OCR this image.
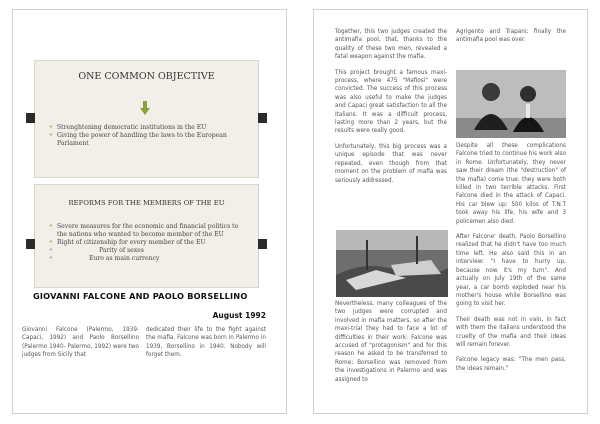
ONE COMMON OBJECTIVE
• Strenghtening democratic institutions in the EU
• Giving the power of handling the laws to the European Parlament
REFORMS FOR THE MEMBERS OF THE EU
• Severe measures for the economic and financial politics to the nations who wanted to become member of the EU
• Right of citizenship for every member of the EU
• Parity of sexes
• Euro as main currency
GIOVANNI FALCONE AND PAOLO BORSELLINO
August 1992

Giovanni Falcone (Palermo, 1939- Capaci, 1992) and Paolo Borsellino (Palermo 1940- Palermo, 1992) were two judges from Sicily that

dedicated their life to the fight against the mafia. Falcone was born in Palermo in 1939, Borsellino in 1940. Nobody will forget them.

Together, this two judges created the antimafia pool, that, thanks to the quality of these two men, revealed a fatal weapon against the mafia.

This project brought a famous maxi-process, where 475 "Mafiosi" were convicted. The success of this process was also useful to make the judges and Capaci great satisfaction to all the Italians. It was a difficult process, lasting more than 2 years, but the results were really good.

Unfortunately, this big process was a unique episode that was never repeated, even though from that moment on the problem of mafia was seriously addressed.

Nevertheless, many colleagues of the two judges were corrupted and involved in mafia matters, so after the maxi-trial they had to face a lot of difficulties in their work: Falcone was accused of "protagonism" and for this reason he asked to be transferred to Rome; Borsellino was removed from the investigations in Palermo and was assigned to

Agrigento and Trapani; finally the antimafia pool was over.

Despite all these complications Falcone tried to continue his work also in Rome. Unfortunately, they never saw their dream (the "destruction" of the mafia) come true: they were both killed in two terrible attacks. First Falcone died in the attack of Capaci. His car blew up: 500 kilos of T.N.T took away his life, his wife and 3 policemen also died.

After Falcone' death, Paolo Borsellino realized that he didn't have too much time left. He also said this in an interview: "I have to hurry up, because now it's my turn". And actually on July 19th of the same year, a car bomb exploded near his mother's house while Borsellino was going to visit her.

Their death was not in vain, in fact with them the Italians understood the cruelty of the mafia and their ideas will remain forever.

Falcone legacy was: "The men pass, the ideas remain."
